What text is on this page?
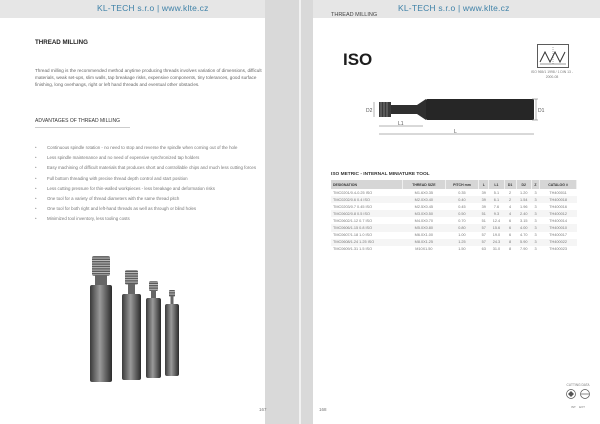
KL-TECH s.r.o | www.klte.cz
THREAD MILLING
Thread milling is the recommended method anytime producing threads involves variation of dimensions, difficult materials, weak set-ups, slim walls, tap breakage risks, expensive components, tiny tolerances, good surface finishing, long overhangs, right or left hand threads and eventual other obstacles.
ADVANTAGES OF THREAD MILLING
• Continuous spindle rotation - no need to stop and reverse the spindle when coming out of the hole
• Less spindle maintenance and no need of expensive synchronized tap holders
• Easy machining of difficult materials that produces short and controllable chips and much less cutting forces
• Full bottom threading with precise thread depth control and start position
• Less cutting pressure for thin-walled workpieces - less breakage and deformation risks
• One tool for a variety of thread diameters with the same thread pitch
• One tool for both right and left-hand threads as well as through or blind holes
• Minimized tool inventory, less tooling costs
167
KL-TECH s.r.o | www.klte.cz
THREAD MILLING
ISO
ISO 965/1 1998 / 1 DIN 13 - 2000-08
D1
D2
L1
L
ISO METRIC - INTERNAL MINIATURE TOOL
DESIGNATION	THREAD SIZE	PITCH mm	L	L1	D1	D2	Z	CATALOG #
TMC0201/0.4-0.25 ISO	M1.6X0.35	0.35	39	5.1	2	1.20	3	TH400011
TMC0202/0.6 0.4 ISO	M2.0X0.40	0.40	39	6.1	2	1.54	3	TH400018
TMC0203/0.7 0.45 ISO	M2.5X0.45	0.45	39	7.6	4	1.96	3	TH400016
TMC0602/0.8 0.5 ISO	M3.0X0.50	0.50	51	9.3	4	2.40	3	TH400012
TMC0602/1.12 0.7 ISO	M4.0X0.70	0.70	51	12.4	6	3.15	3	TH400014
TMC0606/1.15 0.8 ISO	M5.0X0.80	0.80	57	15.6	6	4.00	3	TH400010
TMC0607/1.18 1.0 ISO	M6.0X1.00	1.00	57	19.0	6	4.70	3	TH400017
TMC0608/1.24 1.25 ISO	M8.0X1.25	1.25	57	24.3	8	5.90	3	TH400022
TMC0609/1.31 1.5 ISO	M10X1.50	1.50	63	31.0	8	7.90	3	TH400023
CUTTING DATA
INT EXT
168
